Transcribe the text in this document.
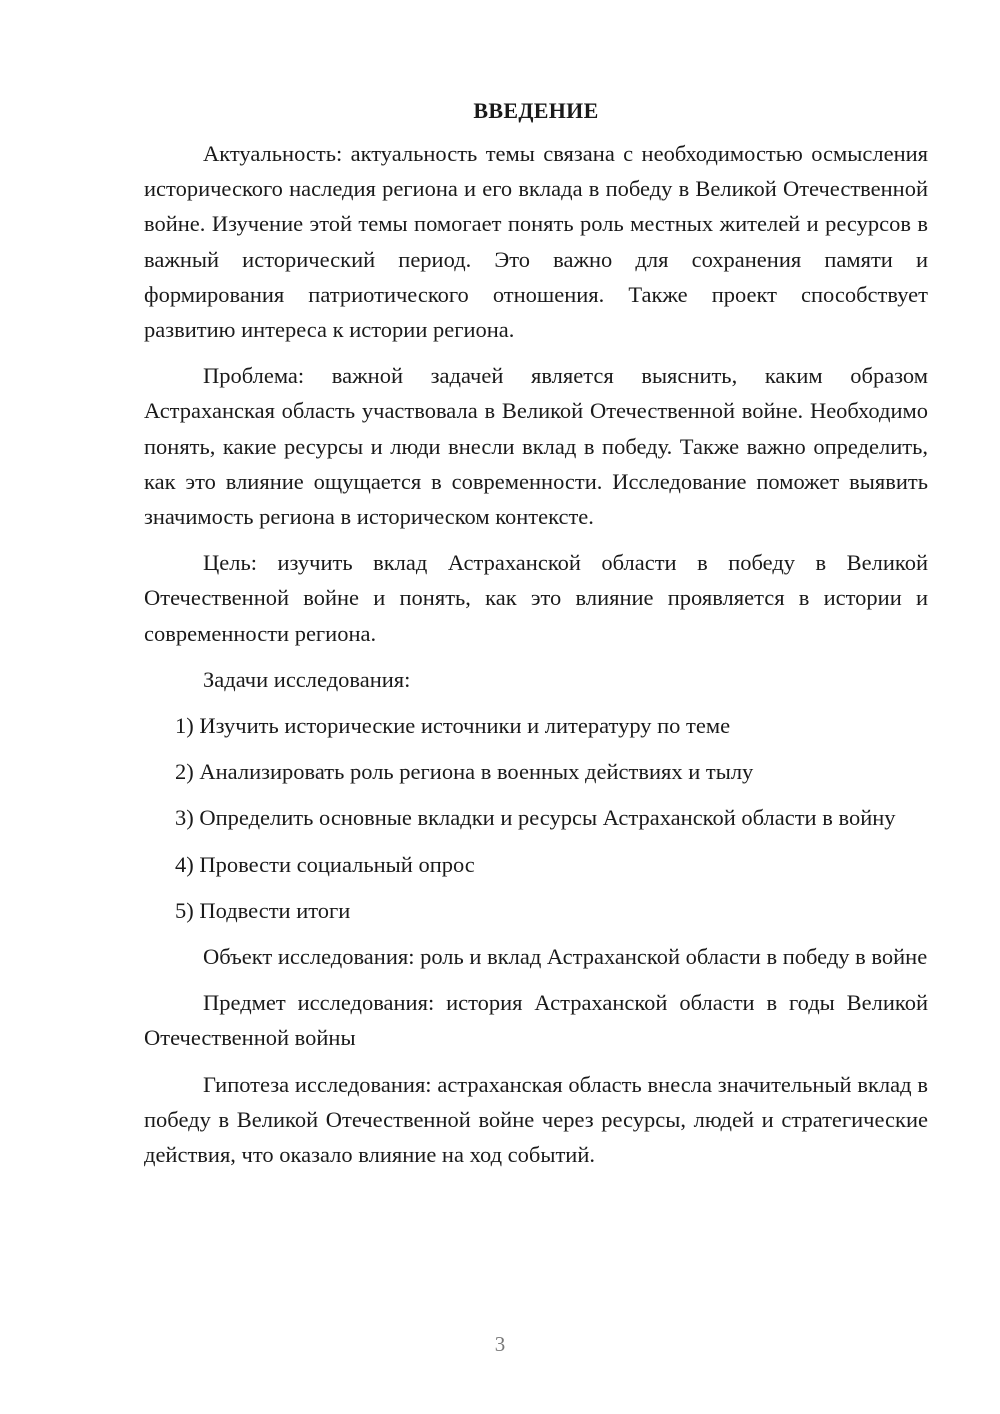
ВВЕДЕНИЕ

Актуальность: актуальность темы связана с необходимостью осмысления исторического наследия региона и его вклада в победу в Великой Отечественной войне. Изучение этой темы помогает понять роль местных жителей и ресурсов в важный исторический период. Это важно для сохранения памяти и формирования патриотического отношения. Также проект способствует развитию интереса к истории региона.

Проблема: важной задачей является выяснить, каким образом Астраханская область участвовала в Великой Отечественной войне. Необходимо понять, какие ресурсы и люди внесли вклад в победу. Также важно определить, как это влияние ощущается в современности. Исследование поможет выявить значимость региона в историческом контексте.

Цель: изучить вклад Астраханской области в победу в Великой Отечественной войне и понять, как это влияние проявляется в истории и современности региона.

Задачи исследования:

1) Изучить исторические источники и литературу по теме

2) Анализировать роль региона в военных действиях и тылу

3) Определить основные вкладки и ресурсы Астраханской области в войну

4) Провести социальный опрос

5) Подвести итоги

Объект исследования: роль и вклад Астраханской области в победу в войне

Предмет исследования: история Астраханской области в годы Великой Отечественной войны

Гипотеза исследования: астраханская область внесла значительный вклад в победу в Великой Отечественной войне через ресурсы, людей и стратегические действия, что оказало влияние на ход событий.

3
